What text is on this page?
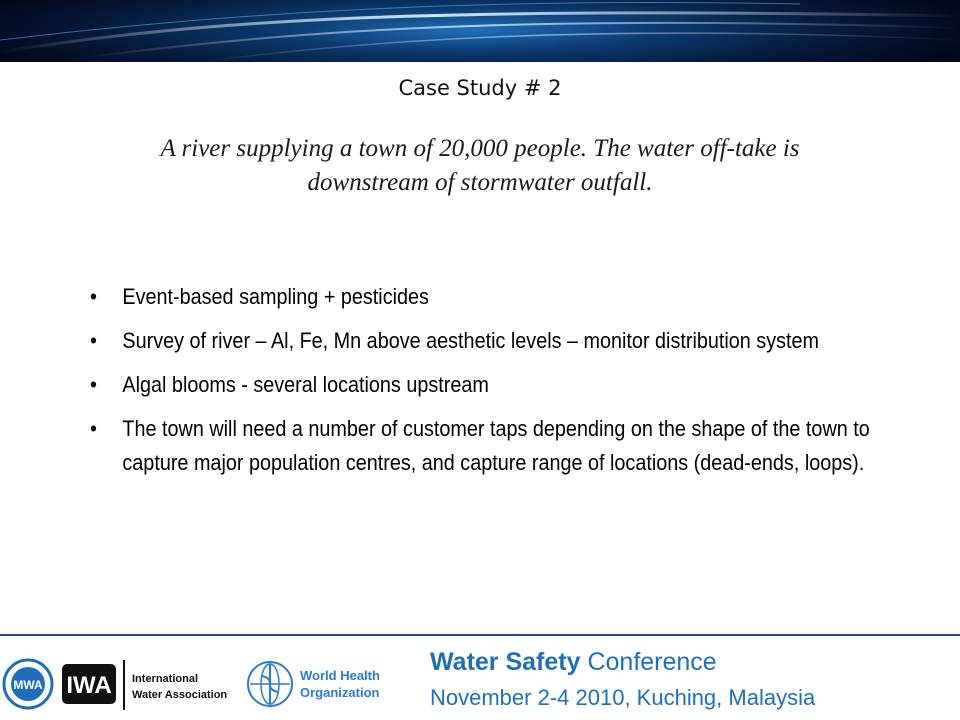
Case Study # 2
A river supplying a town of 20,000 people. The water off-take is
downstream of stormwater outfall.
• Event-based sampling + pesticides
• Survey of river – Al, Fe, Mn above aesthetic levels – monitor distribution system
• Algal blooms - several locations upstream
• The town will need a number of customer taps depending on the shape of the town to capture major population centres, and capture range of locations (dead-ends, loops).
MWA IWA International
Water Association
World Health
Organization
Water Safety Conference
November 2-4 2010, Kuching, Malaysia
